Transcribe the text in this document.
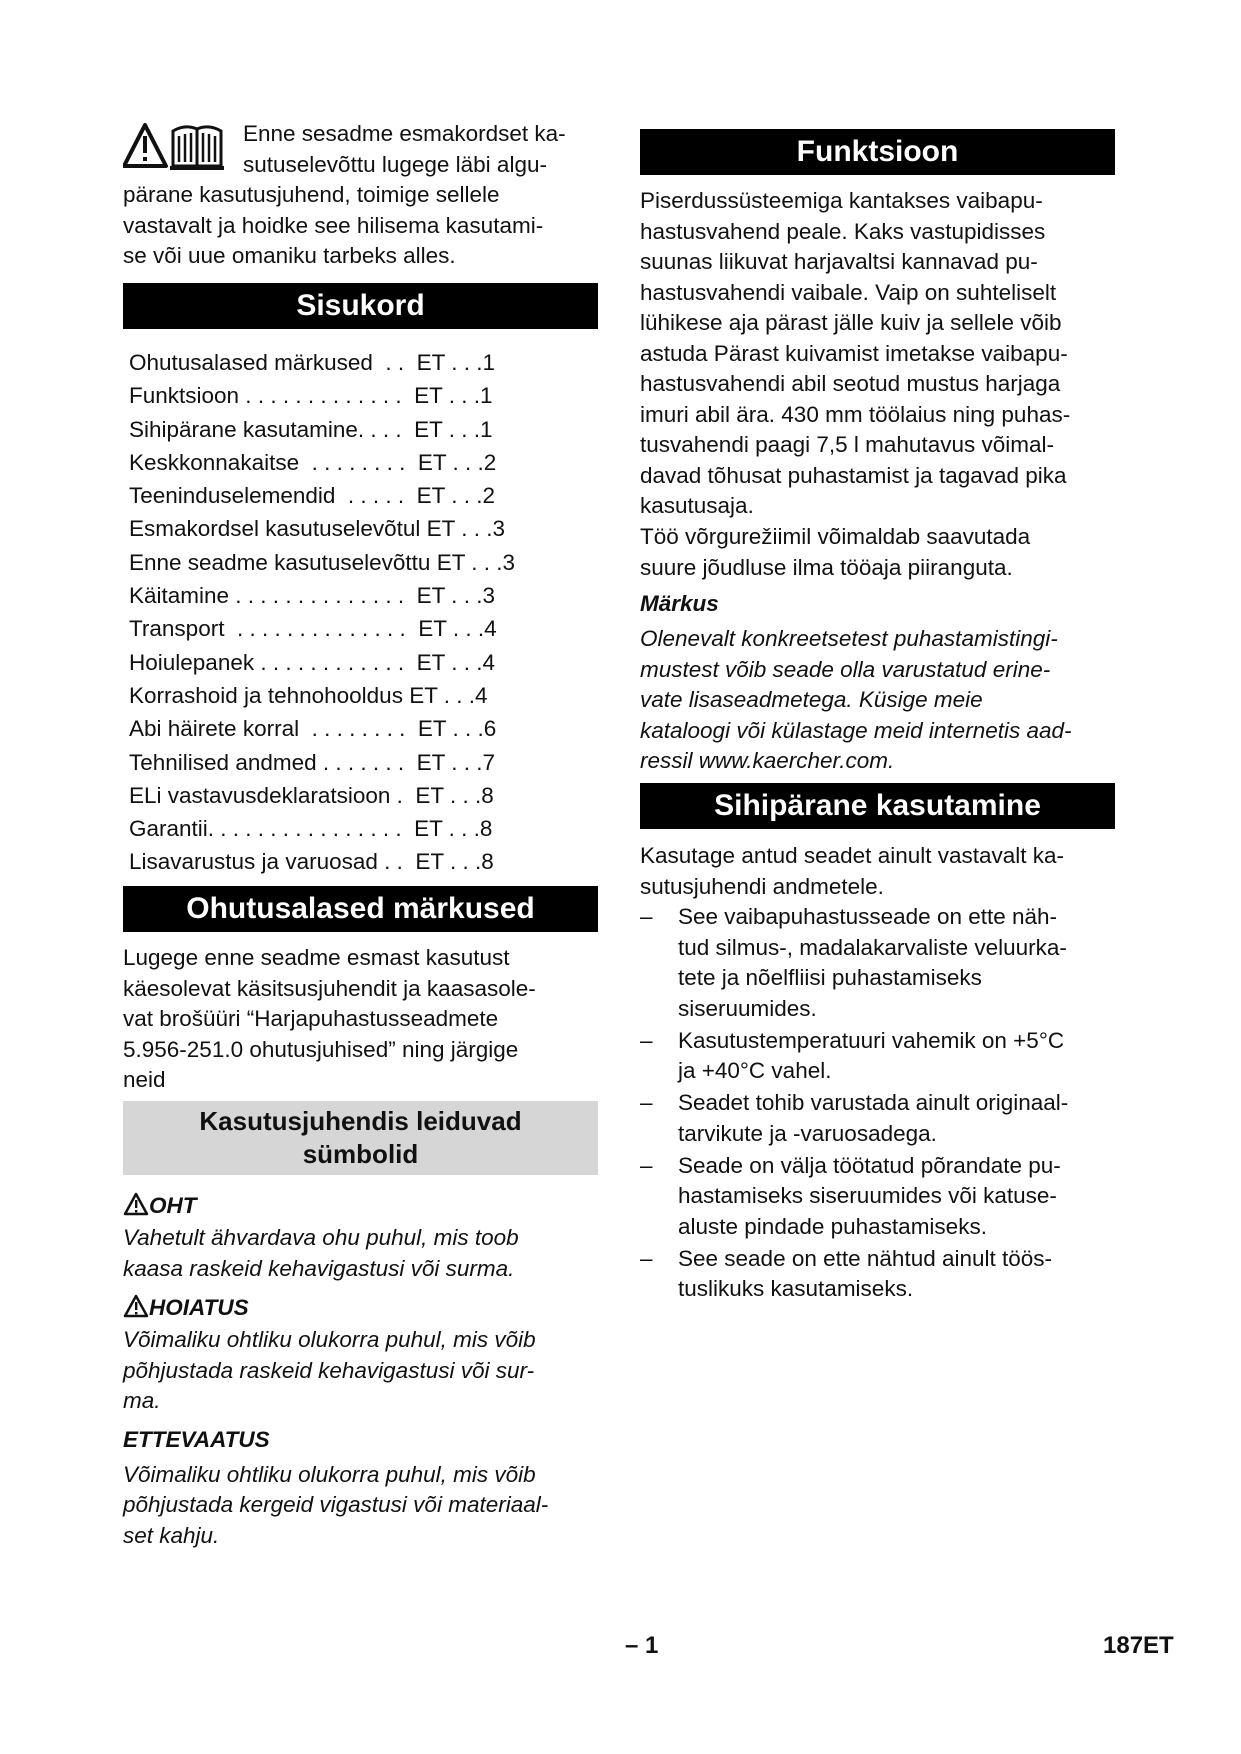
Enne sesadme esmakordset ka-
sutuselevõttu lugege läbi algu-

pärane kasutusjuhend, toimige sellele
vastavalt ja hoidke see hilisema kasutami-
se või uue omaniku tarbeks alles.

Sisukord
Ohutusalased märkused  . .  ET . . .1
Funktsioon . . . . . . . . . . . . .  ET . . .1
Sihipärane kasutamine. . . .  ET . . .1
Keskkonnakaitse  . . . . . . . .  ET . . .2
Teeninduselemendid  . . . . .  ET . . .2
Esmakordsel kasutuselevõtul ET . . .3
Enne seadme kasutuselevõttu ET . . .3
Käitamine . . . . . . . . . . . . . .  ET . . .3
Transport  . . . . . . . . . . . . . .  ET . . .4
Hoiulepanek . . . . . . . . . . . .  ET . . .4
Korrashoid ja tehnohooldus ET . . .4
Abi häirete korral  . . . . . . . .  ET . . .6
Tehnilised andmed . . . . . . .  ET . . .7
ELi vastavusdeklaratsioon .  ET . . .8
Garantii. . . . . . . . . . . . . . . .  ET . . .8
Lisavarustus ja varuosad . .  ET . . .8
Ohutusalased märkused

Lugege enne seadme esmast kasutust
käesolevat käsitsusjuhendit ja kaasasole-
vat brošüüri “Harjapuhastusseadmete
5.956-251.0 ohutusjuhised” ning järgige
neid

Kasutusjuhendis leiduvad
sümbolid
OHT

Vahetult ähvardava ohu puhul, mis toob
kaasa raskeid kehavigastusi või surma.

HOIATUS

Võimaliku ohtliku olukorra puhul, mis võib
põhjustada raskeid kehavigastusi või sur-
ma.

ETTEVAATUS

Võimaliku ohtliku olukorra puhul, mis võib
põhjustada kergeid vigastusi või materiaal-
set kahju.

Funktsioon

Piserdussüsteemiga kantakses vaibapu-
hastusvahend peale. Kaks vastupidisses
suunas liikuvat harjavaltsi kannavad pu-
hastusvahendi vaibale. Vaip on suhteliselt
lühikese aja pärast jälle kuiv ja sellele võib
astuda Pärast kuivamist imetakse vaibapu-
hastusvahendi abil seotud mustus harjaga
imuri abil ära. 430 mm töölaius ning puhas-
tusvahendi paagi 7,5 l mahutavus võimal-
davad tõhusat puhastamist ja tagavad pika
kasutusaja.

Töö võrgurežiimil võimaldab saavutada
suure jõudluse ilma tööaja piiranguta.

Märkus

Olenevalt konkreetsetest puhastamistingi-
mustest võib seade olla varustatud erine-
vate lisaseadmetega. Küsige meie
kataloogi või külastage meid internetis aad-
ressil www.kaercher.com.

Sihipärane kasutamine

Kasutage antud seadet ainult vastavalt ka-
sutusjuhendi andmetele.

– See vaibapuhastusseade on ette näh-
tud silmus-, madalakarvaliste veluurka-
tete ja nõelfliisi puhastamiseks
siseruumides.
– Kasutustemperatuuri vahemik on +5°C
ja +40°C vahel.
– Seadet tohib varustada ainult originaal-
tarvikute ja -varuosadega.
– Seade on välja töötatud põrandate pu-
hastamiseks siseruumides või katuse-
aluste pindade puhastamiseks.
– See seade on ette nähtud ainult töös-
tuslikuks kasutamiseks.
– 1	187ET
